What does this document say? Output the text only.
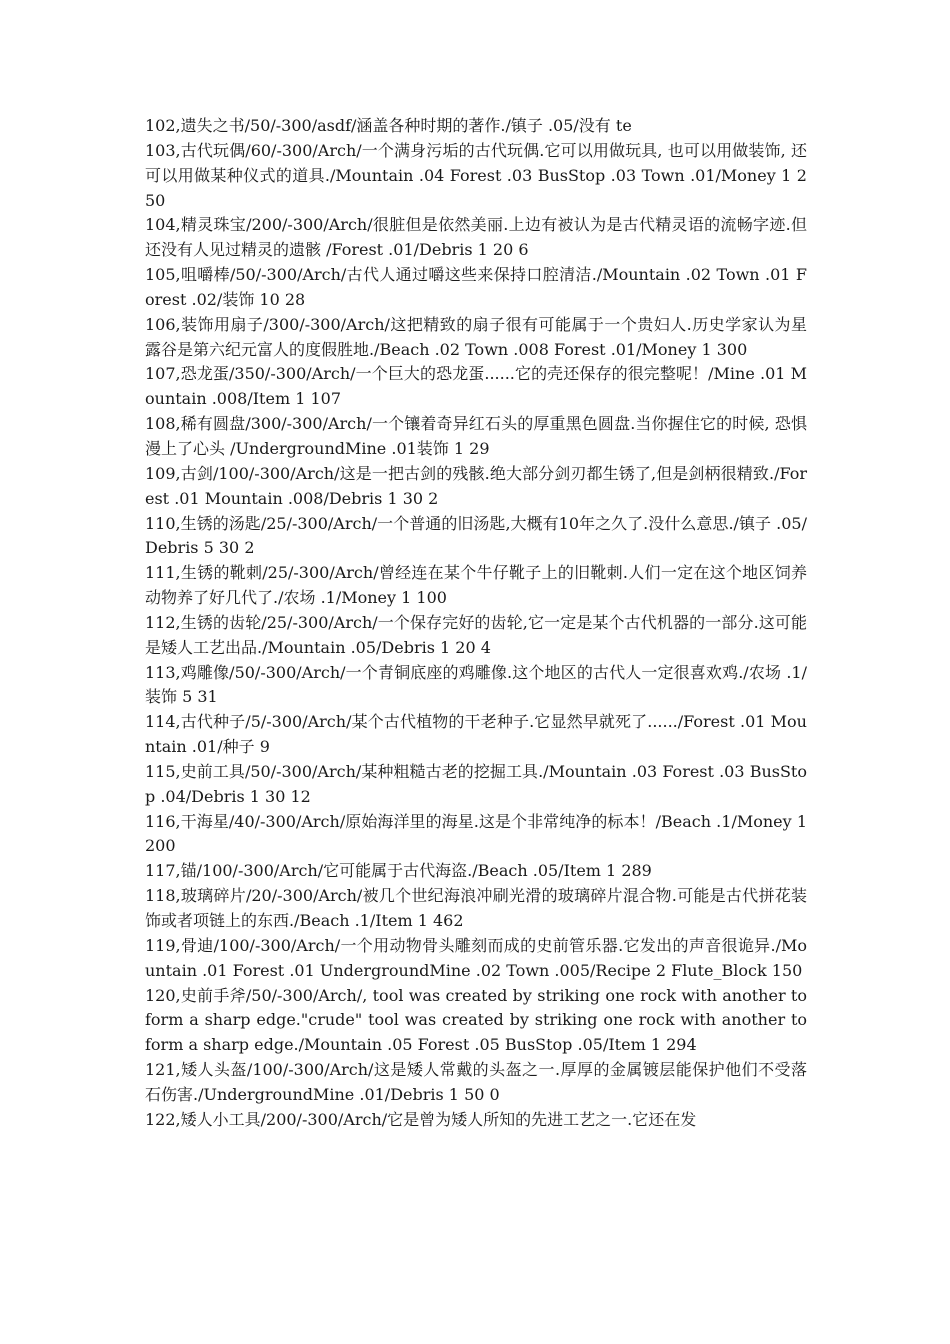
102,遗失之书/50/-300/asdf/涵盖各种时期的著作./镇子 .05/没有 te

103,古代玩偶/60/-300/Arch/一个满身污垢的古代玩偶.它可以用做玩具, 也可以用做装饰, 还可以用做某种仪式的道具./Mountain .04 Forest .03 BusStop .03 Town .01/Money 1 250

104,精灵珠宝/200/-300/Arch/很脏但是依然美丽.上边有被认为是古代精灵语的流畅字迹.但还没有人见过精灵的遗骸 /Forest .01/Debris 1 20 6

105,咀嚼棒/50/-300/Arch/古代人通过嚼这些来保持口腔清洁./Mountain .02 Town .01 Forest .02/装饰 10 28

106,装饰用扇子/300/-300/Arch/这把精致的扇子很有可能属于一个贵妇人.历史学家认为星露谷是第六纪元富人的度假胜地./Beach .02 Town .008 Forest .01/Money 1 300

107,恐龙蛋/350/-300/Arch/一个巨大的恐龙蛋......它的壳还保存的很完整呢！/Mine .01 Mountain .008/Item 1 107

108,稀有圆盘/300/-300/Arch/一个镶着奇异红石头的厚重黑色圆盘.当你握住它的时候, 恐惧漫上了心头 /UndergroundMine .01装饰 1 29

109,古剑/100/-300/Arch/这是一把古剑的残骸.绝大部分剑刃都生锈了,但是剑柄很精致./Forest .01 Mountain .008/Debris 1 30 2

110,生锈的汤匙/25/-300/Arch/一个普通的旧汤匙,大概有10年之久了.没什么意思./镇子 .05/Debris 5 30 2

111,生锈的靴刺/25/-300/Arch/曾经连在某个牛仔靴子上的旧靴刺.人们一定在这个地区饲养动物养了好几代了./农场 .1/Money 1 100

112,生锈的齿轮/25/-300/Arch/一个保存完好的齿轮,它一定是某个古代机器的一部分.这可能是矮人工艺出品./Mountain .05/Debris 1 20 4

113,鸡雕像/50/-300/Arch/一个青铜底座的鸡雕像.这个地区的古代人一定很喜欢鸡./农场 .1/装饰 5 31

114,古代种子/5/-300/Arch/某个古代植物的干老种子.它显然早就死了....../Forest .01 Mountain .01/种子 9

115,史前工具/50/-300/Arch/某种粗糙古老的挖掘工具./Mountain .03 Forest .03 BusStop .04/Debris 1 30 12

116,干海星/40/-300/Arch/原始海洋里的海星.这是个非常纯净的标本！/Beach .1/Money 1 200

117,锚/100/-300/Arch/它可能属于古代海盗./Beach .05/Item 1 289

118,玻璃碎片/20/-300/Arch/被几个世纪海浪冲刷光滑的玻璃碎片混合物.可能是古代拼花装饰或者项链上的东西./Beach .1/Item 1 462

119,骨迪/100/-300/Arch/一个用动物骨头雕刻而成的史前管乐器.它发出的声音很诡异./Mountain .01 Forest .01 UndergroundMine .02 Town .005/Recipe 2 Flute_Block 150

120,史前手斧/50/-300/Arch/, tool was created by striking one rock with another to form a sharp edge."crude" tool was created by striking one rock with another to form a sharp edge./Mountain .05 Forest .05 BusStop .05/Item 1 294

121,矮人头盔/100/-300/Arch/这是矮人常戴的头盔之一.厚厚的金属镀层能保护他们不受落石伤害./UndergroundMine .01/Debris 1 50 0

122,矮人小工具/200/-300/Arch/它是曾为矮人所知的先进工艺之一.它还在发
